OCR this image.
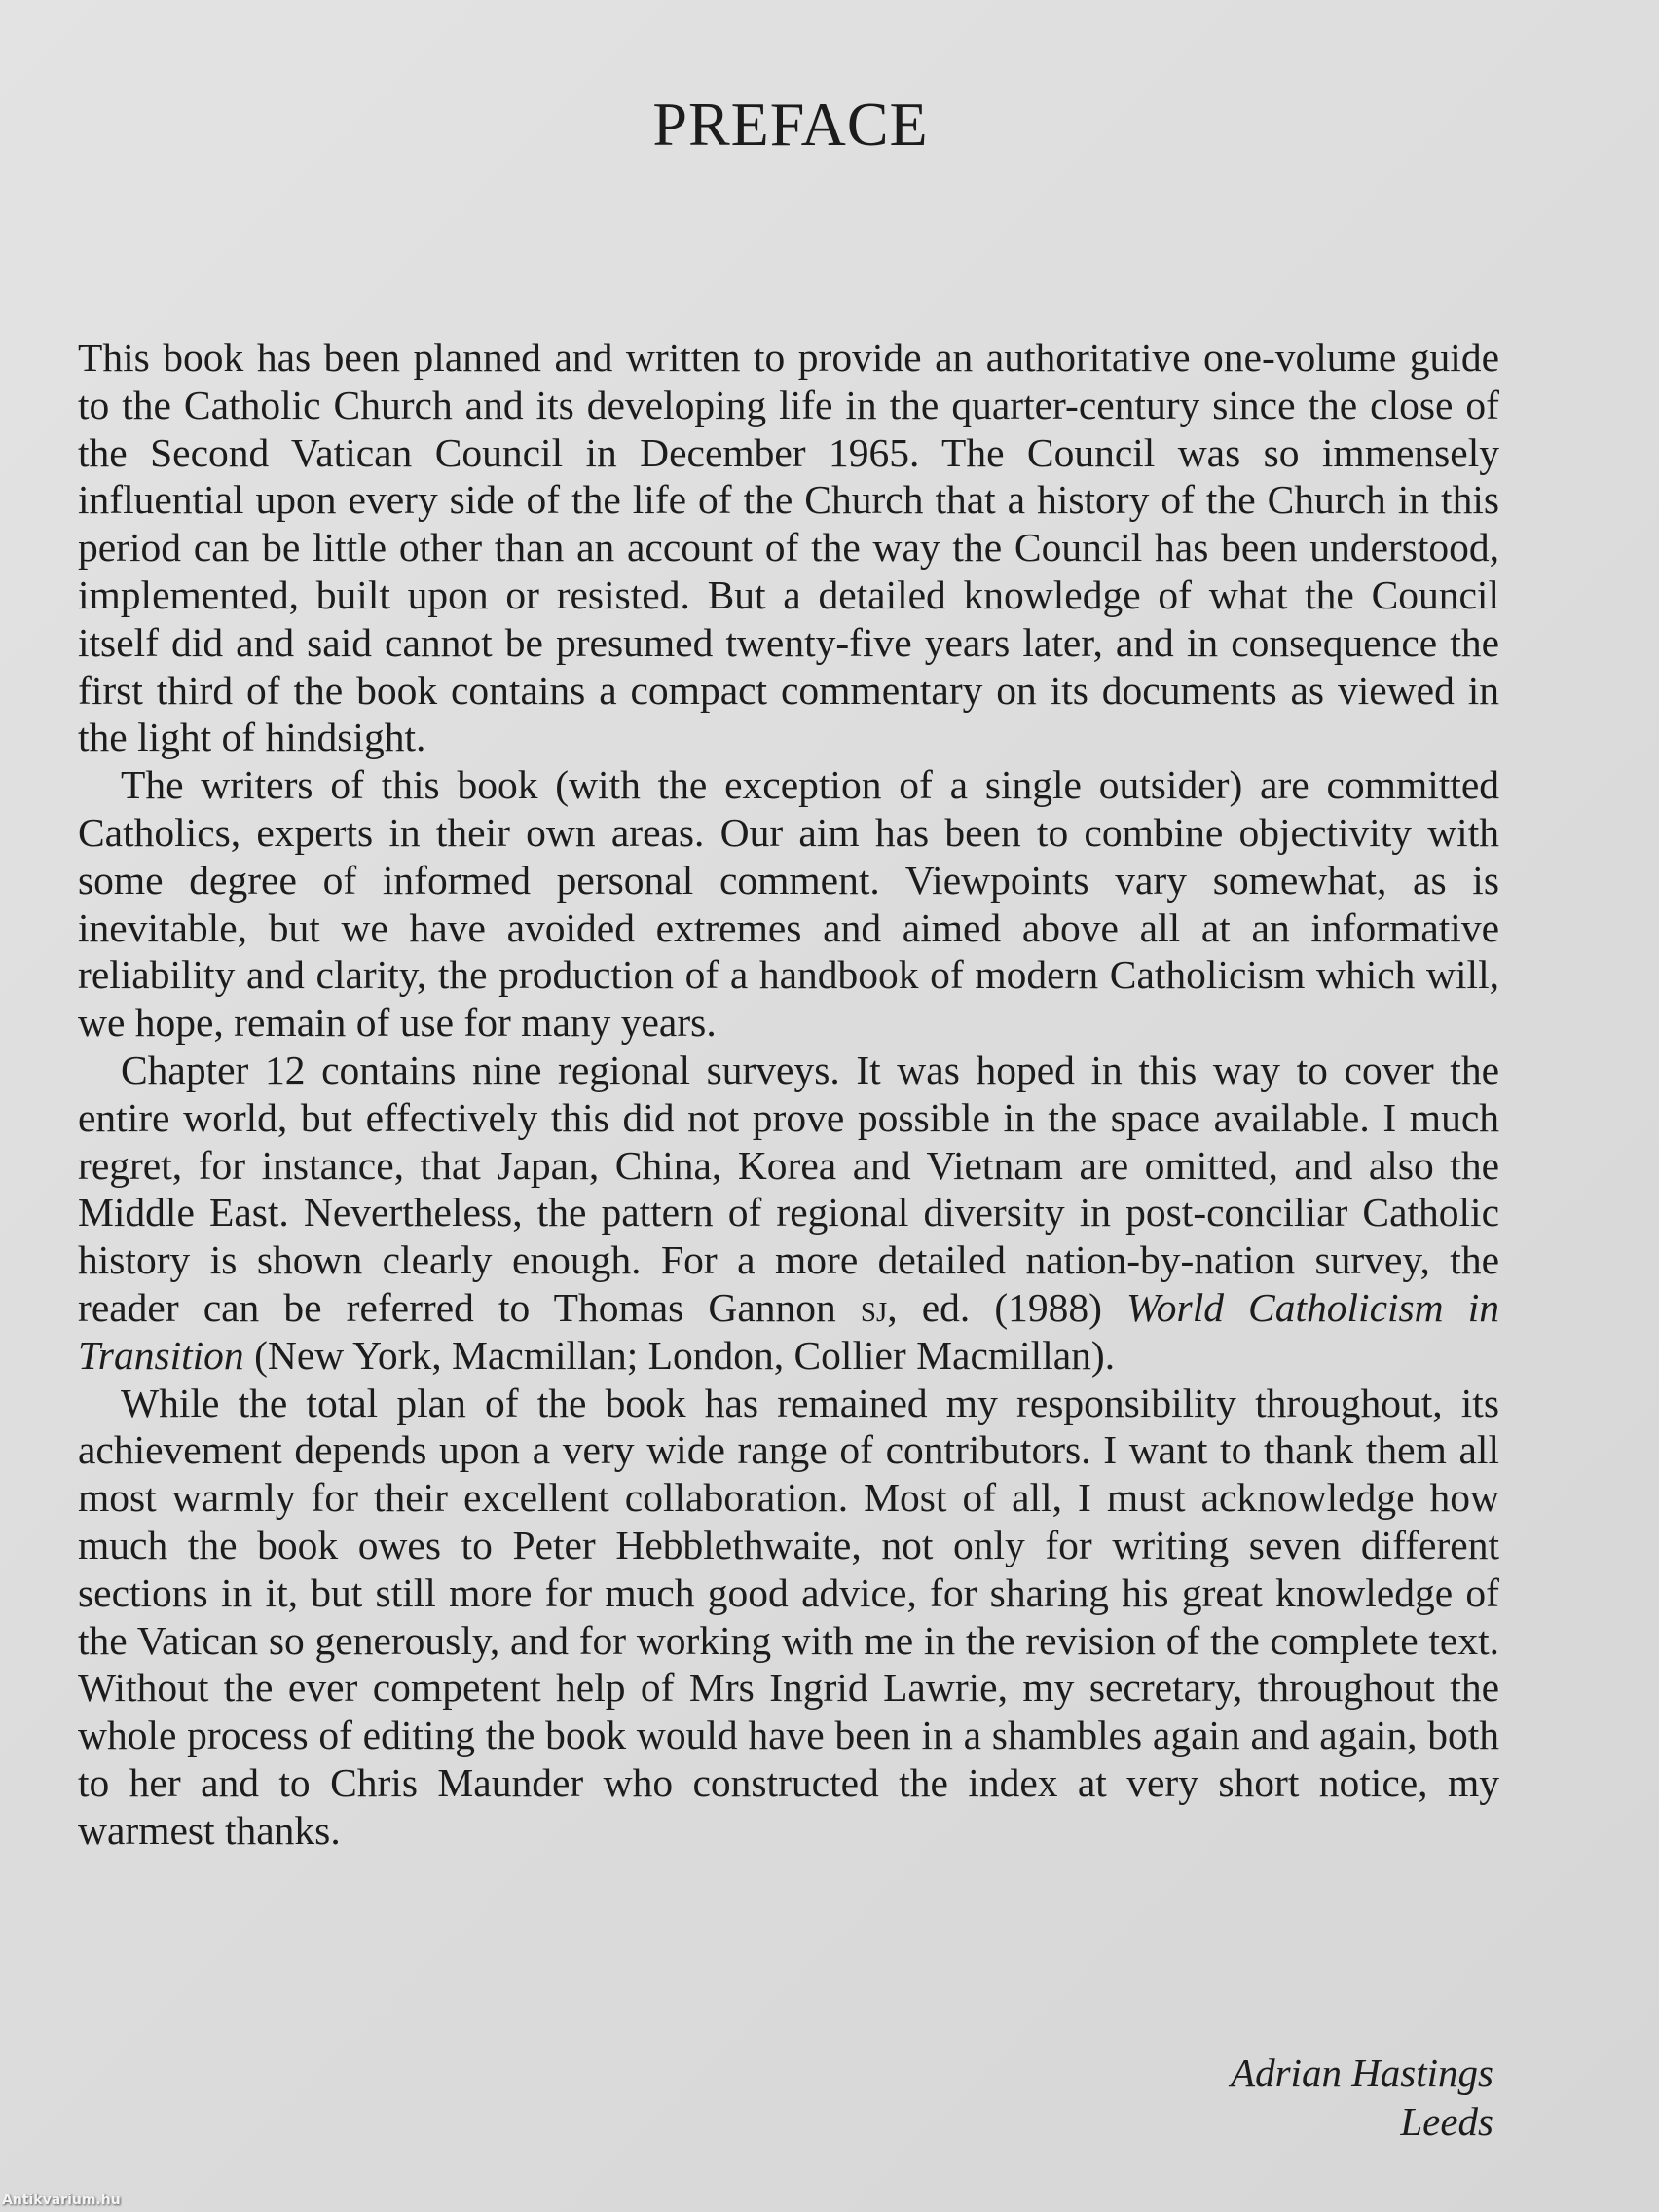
PREFACE

This book has been planned and written to provide an authoritative one-volume guide to the Catholic Church and its developing life in the quarter-century since the close of the Second Vatican Council in December 1965. The Council was so immensely influential upon every side of the life of the Church that a history of the Church in this period can be little other than an account of the way the Council has been understood, implemented, built upon or resisted. But a detailed knowledge of what the Council itself did and said cannot be presumed twenty-five years later, and in consequence the first third of the book contains a compact commentary on its documents as viewed in the light of hindsight.

The writers of this book (with the exception of a single outsider) are committed Catholics, experts in their own areas. Our aim has been to combine objectivity with some degree of informed personal comment. Viewpoints vary somewhat, as is inevitable, but we have avoided extremes and aimed above all at an informative reliability and clarity, the production of a handbook of modern Catholicism which will, we hope, remain of use for many years.

Chapter 12 contains nine regional surveys. It was hoped in this way to cover the entire world, but effectively this did not prove possible in the space available. I much regret, for instance, that Japan, China, Korea and Vietnam are omitted, and also the Middle East. Nevertheless, the pattern of regional diversity in post-conciliar Catholic history is shown clearly enough. For a more detailed nation-by-nation survey, the reader can be referred to Thomas Gannon sj, ed. (1988) World Catholicism in Transition (New York, Macmillan; London, Collier Macmillan).

While the total plan of the book has remained my responsibility throughout, its achievement depends upon a very wide range of contributors. I want to thank them all most warmly for their excellent collaboration. Most of all, I must acknowledge how much the book owes to Peter Hebblethwaite, not only for writing seven different sections in it, but still more for much good advice, for sharing his great knowledge of the Vatican so generously, and for working with me in the revision of the complete text. Without the ever competent help of Mrs Ingrid Lawrie, my secretary, throughout the whole process of editing the book would have been in a shambles again and again, both to her and to Chris Maunder who constructed the index at very short notice, my warmest thanks.

Adrian Hastings
Leeds
Antikvarium.hu
